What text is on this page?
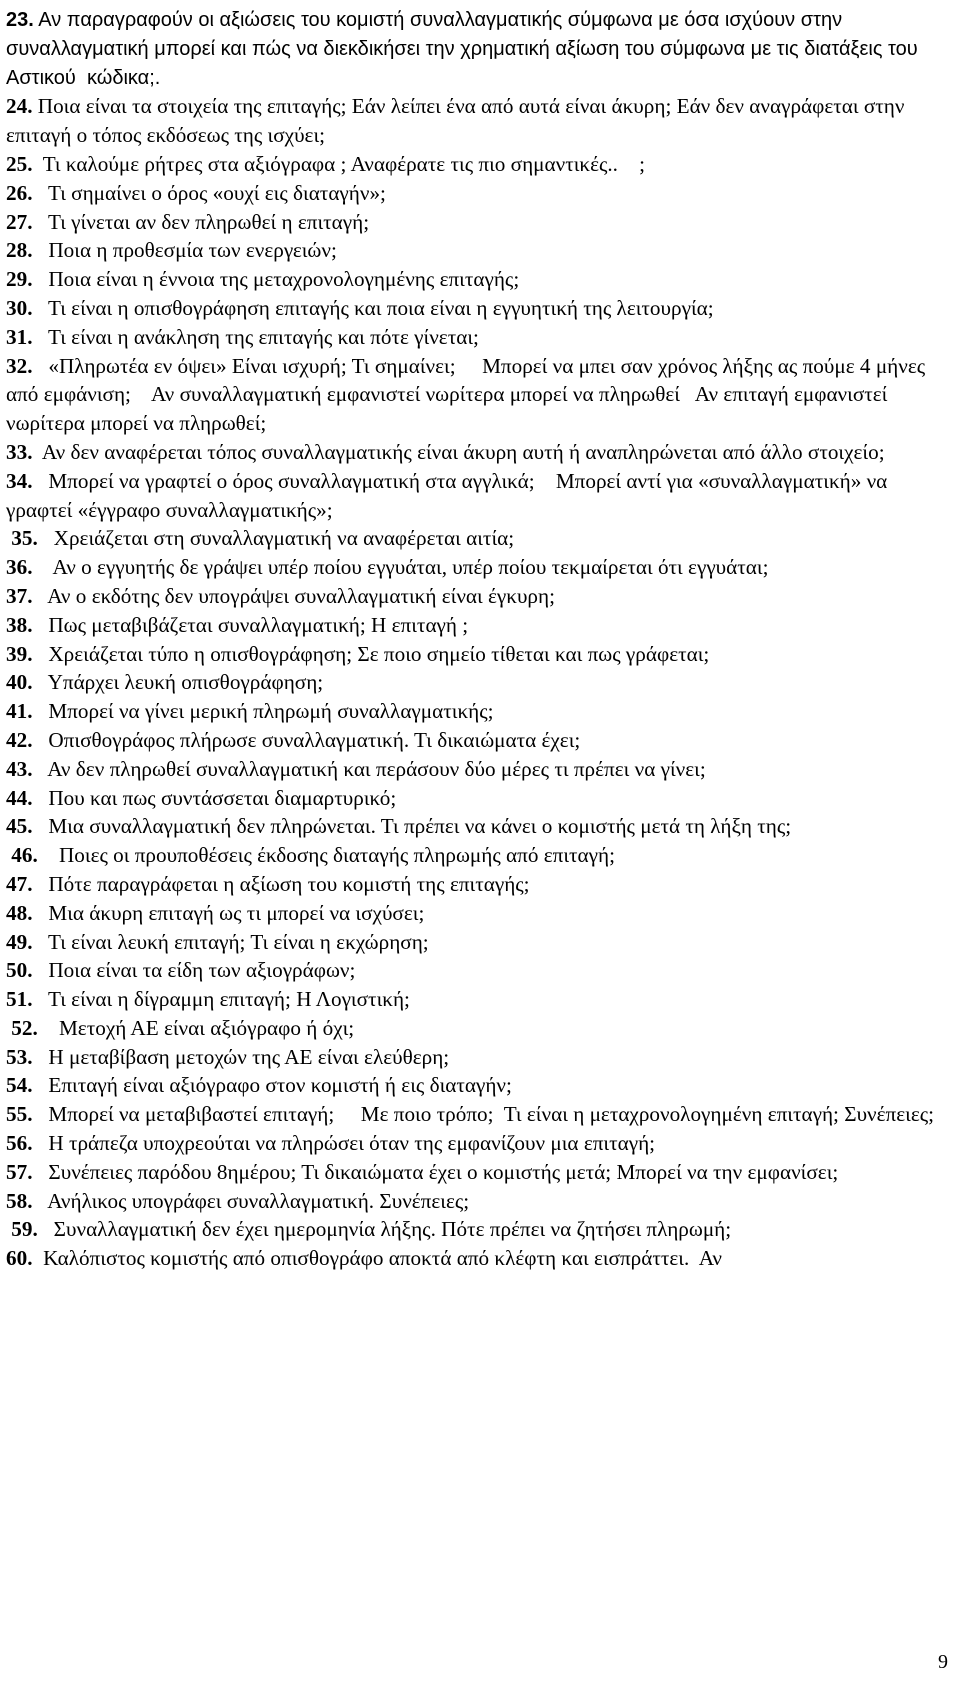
23. Αν παραγραφούν οι αξιώσεις του κομιστή συναλλαγματικής σύμφωνα με όσα ισχύουν στην συναλλαγματική μπορεί και πώς να διεκδικήσει την χρηματική αξίωση του σύμφωνα με τις διατάξεις του Αστικού  κώδικα;.
24. Ποια είναι τα στοιχεία της επιταγής; Εάν λείπει ένα από αυτά είναι άκυρη; Εάν δεν αναγράφεται στην επιταγή ο τόπος εκδόσεως της ισχύει;
25.  Τι καλούμε ρήτρες στα αξιόγραφα ; Αναφέρατε τις πιο σημαντικές..    ;
26.   Τι σημαίνει ο όρος «ουχί εις διαταγήν»;
27.   Τι γίνεται αν δεν πληρωθεί η επιταγή;
28.   Ποια η προθεσμία των ενεργειών;
29.   Ποια είναι η έννοια της μεταχρονολογημένης επιταγής;
30.   Τι είναι η οπισθογράφηση επιταγής και ποια είναι η εγγυητική της λειτουργία;
31.   Τι είναι η ανάκληση της επιταγής και πότε γίνεται;
32.   «Πληρωτέα εν όψει» Είναι ισχυρή; Τι σημαίνει;     Μπορεί να μπει σαν χρόνος λήξης ας πούμε 4 μήνες από εμφάνιση;    Αν συναλλαγματική εμφανιστεί νωρίτερα μπορεί να πληρωθεί   Αν επιταγή εμφανιστεί νωρίτερα μπορεί να πληρωθεί;
33.  Αν δεν αναφέρεται τόπος συναλλαγματικής είναι άκυρη αυτή ή αναπληρώνεται από άλλο στοιχείο;
34.   Μπορεί να γραφτεί ο όρος συναλλαγματική στα αγγλικά;    Μπορεί αντί για «συναλλαγματική» να γραφτεί «έγγραφο συναλλαγματικής»;
35.   Χρειάζεται στη συναλλαγματική να αναφέρεται αιτία;
36.    Αν ο εγγυητής δε γράψει υπέρ ποίου εγγυάται, υπέρ ποίου τεκμαίρεται ότι εγγυάται;
37.   Αν ο εκδότης δεν υπογράψει συναλλαγματική είναι έγκυρη;
38.   Πως μεταβιβάζεται συναλλαγματική; Η επιταγή ;
39.   Χρειάζεται τύπο η οπισθογράφηση; Σε ποιο σημείο τίθεται και πως γράφεται;
40.   Υπάρχει λευκή οπισθογράφηση;
41.   Μπορεί να γίνει μερική πληρωμή συναλλαγματικής;
42.   Οπισθογράφος πλήρωσε συναλλαγματική. Τι δικαιώματα έχει;
43.   Αν δεν πληρωθεί συναλλαγματική και περάσουν δύο μέρες τι πρέπει να γίνει;
44.   Που και πως συντάσσεται διαμαρτυρικό;
45.   Μια συναλλαγματική δεν πληρώνεται. Τι πρέπει να κάνει ο κομιστής μετά τη λήξη της;
46.    Ποιες οι προυποθέσεις έκδοσης διαταγής πληρωμής από επιταγή;
47.   Πότε παραγράφεται η αξίωση του κομιστή της επιταγής;
48.   Μια άκυρη επιταγή ως τι μπορεί να ισχύσει;
49.   Τι είναι λευκή επιταγή; Τι είναι η εκχώρηση;
50.   Ποια είναι τα είδη των αξιογράφων;
51.   Τι είναι η δίγραμμη επιταγή; Η Λογιστική;
52.    Μετοχή ΑΕ είναι αξιόγραφο ή όχι;
53.   Η μεταβίβαση μετοχών της ΑΕ είναι ελεύθερη;
54.   Επιταγή είναι αξιόγραφο στον κομιστή ή εις διαταγήν;
55.   Μπορεί να μεταβιβαστεί επιταγή;     Με ποιο τρόπο;  Τι είναι η μεταχρονολογημένη επιταγή; Συνέπειες;
56.   Η τράπεζα υποχρεούται να πληρώσει όταν της εμφανίζουν μια επιταγή;
57.   Συνέπειες παρόδου 8ημέρου; Τι δικαιώματα έχει ο κομιστής μετά; Μπορεί να την εμφανίσει;
58.   Ανήλικος υπογράφει συναλλαγματική. Συνέπειες;
59.   Συναλλαγματική δεν έχει ημερομηνία λήξης. Πότε πρέπει να ζητήσει πληρωμή;
60.  Καλόπιστος κομιστής από οπισθογράφο αποκτά από κλέφτη και εισπράττει.  Αν
9
